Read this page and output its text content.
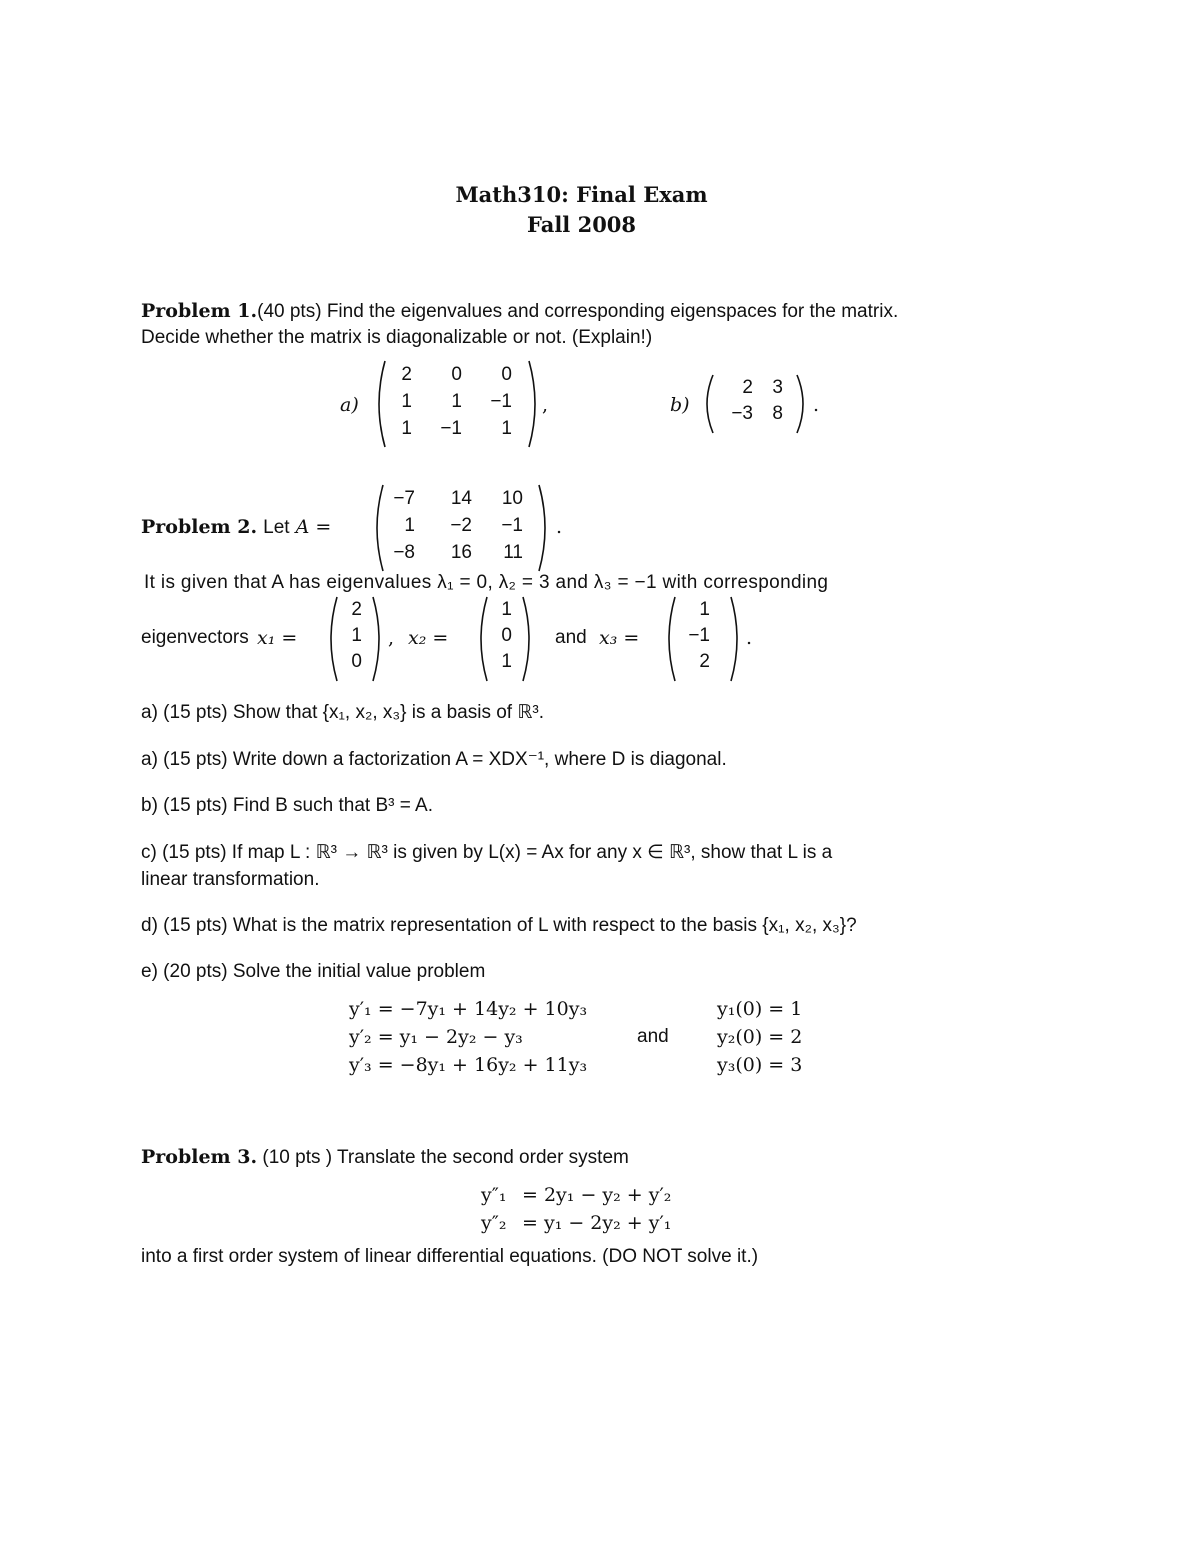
Math310: Final Exam
Fall 2008
Problem 1.(40 pts) Find the eigenvalues and corresponding eigenspaces for the matrix.
Decide whether the matrix is diagonalizable or not. (Explain!)
a)
2 0 0
1 1 −1
1 −1 1
,	b)
2 3
−3 8 .
Problem 2. Let A =
−7 14 10
1 −2 −1
−8 16 11
.
It is given that A has eigenvalues λ₁ = 0, λ₂ = 3 and λ₃ = −1 with corresponding
eigenvectors x₁ =
2
1
0
, x₂ =
1
0
1
and x₃ =
1
−1
2
.
a) (15 pts) Show that {x₁, x₂, x₃} is a basis of ℝ³.
a) (15 pts) Write down a factorization A = XDX⁻¹, where D is diagonal.
b) (15 pts) Find B such that B³ = A.
c) (15 pts) If map L : ℝ³ → ℝ³ is given by L(x) = Ax for any x ∈ ℝ³, show that L is a
linear transformation.
d) (15 pts) What is the matrix representation of L with respect to the basis {x₁, x₂, x₃}?
e) (20 pts) Solve the initial value problem
y′₁ = −7y₁ + 14y₂ + 10y₃
y′₂ = y₁ − 2y₂ − y₃
y′₃ = −8y₁ + 16y₂ + 11y₃
and
y₁(0) = 1
y₂(0) = 2
y₃(0) = 3
Problem 3. (10 pts ) Translate the second order system
y″₁ = 2y₁ − y₂ + y′₂
y″₂ = y₁ − 2y₂ + y′₁
into a first order system of linear differential equations. (DO NOT solve it.)
